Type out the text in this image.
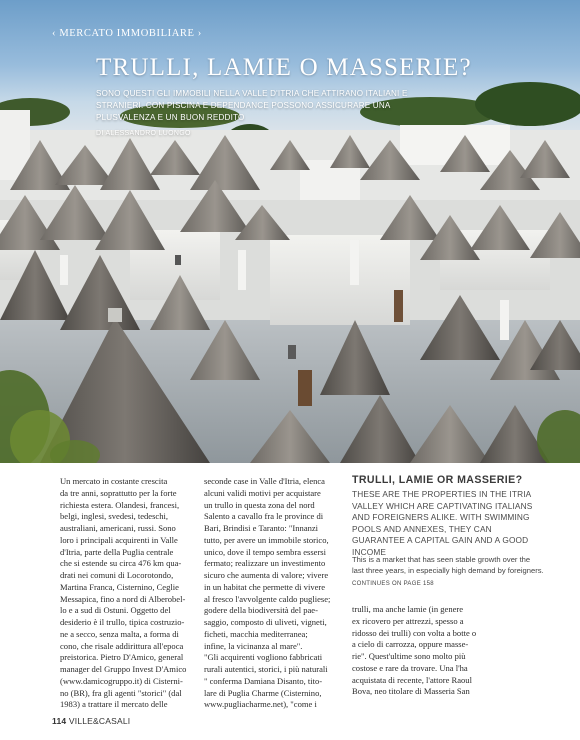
‹ MERCATO IMMOBILIARE ›
TRULLI, LAMIE O MASSERIE?
SONO QUESTI GLI IMMOBILI NELLA VALLE D'ITRIA CHE ATTIRANO ITALIANI E STRANIERI. CON PISCINA E DEPENDANCE POSSONO ASSICURARE UNA PLUSVALENZA E UN BUON REDDITO
DI ALESSANDRO LUONGO
Un mercato in costante crescita
da tre anni, soprattutto per la forte
richiesta estera. Olandesi, francesi,
belgi, inglesi, svedesi, tedeschi,
australiani, americani, russi. Sono
loro i principali acquirenti in Valle
d'Itria, parte della Puglia centrale
che si estende su circa 476 km qua-
drati nei comuni di Locorotondo,
Martina Franca, Cisternino, Ceglie
Messapica, fino a nord di Alberobel-
lo e a sud di Ostuni. Oggetto del
desiderio è il trullo, tipica costruzio-
ne a secco, senza malta, a forma di
cono, che risale addirittura all'epoca
preistorica. Pietro D'Amico, general
manager del Gruppo Invest D'Amico
(www.damicogruppo.it) di Cisterni-
no (BR), fra gli agenti "storici" (dal
1983) a trattare il mercato delle
seconde case in Valle d'Itria, elenca
alcuni validi motivi per acquistare
un trullo in questa zona del nord
Salento a cavallo fra le province di
Bari, Brindisi e Taranto: "Innanzi
tutto, per avere un immobile storico,
unico, dove il tempo sembra essersi
fermato; realizzare un investimento
sicuro che aumenta di valore; vivere
in un habitat che permette di vivere
al fresco l'avvolgente caldo pugliese;
godere della biodiversità del pae-
saggio, composto di uliveti, vigneti,
ficheti, macchia mediterranea;
infine, la vicinanza al mare".
"Gli acquirenti vogliono fabbricati
rurali autentici, storici, i più naturali
" conferma Damiana Disanto, tito-
lare di Puglia Charme (Cisternino,
www.pugliacharme.net), "come i
TRULLI, LAMIE OR MASSERIE?
THESE ARE THE PROPERTIES IN THE ITRIA VALLEY WHICH ARE CAPTIVATING ITALIANS AND FOREIGNERS ALIKE. WITH SWIMMING POOLS AND ANNEXES, THEY CAN GUARANTEE A CAPITAL GAIN AND A GOOD INCOME
This is a market that has seen stable growth over the last three years, in especially high demand by foreigners. CONTINUES ON PAGE 158
trulli, ma anche lamie (in genere
ex ricovero per attrezzi, spesso a
ridosso dei trulli) con volta a botte o
a cielo di carrozza, oppure masse-
rie". Quest'ultime sono molto più
costose e rare da trovare. Una l'ha
acquistata di recente, l'attore Raoul
Bova, neo titolare di Masseria San
114 VILLE&CASALI
